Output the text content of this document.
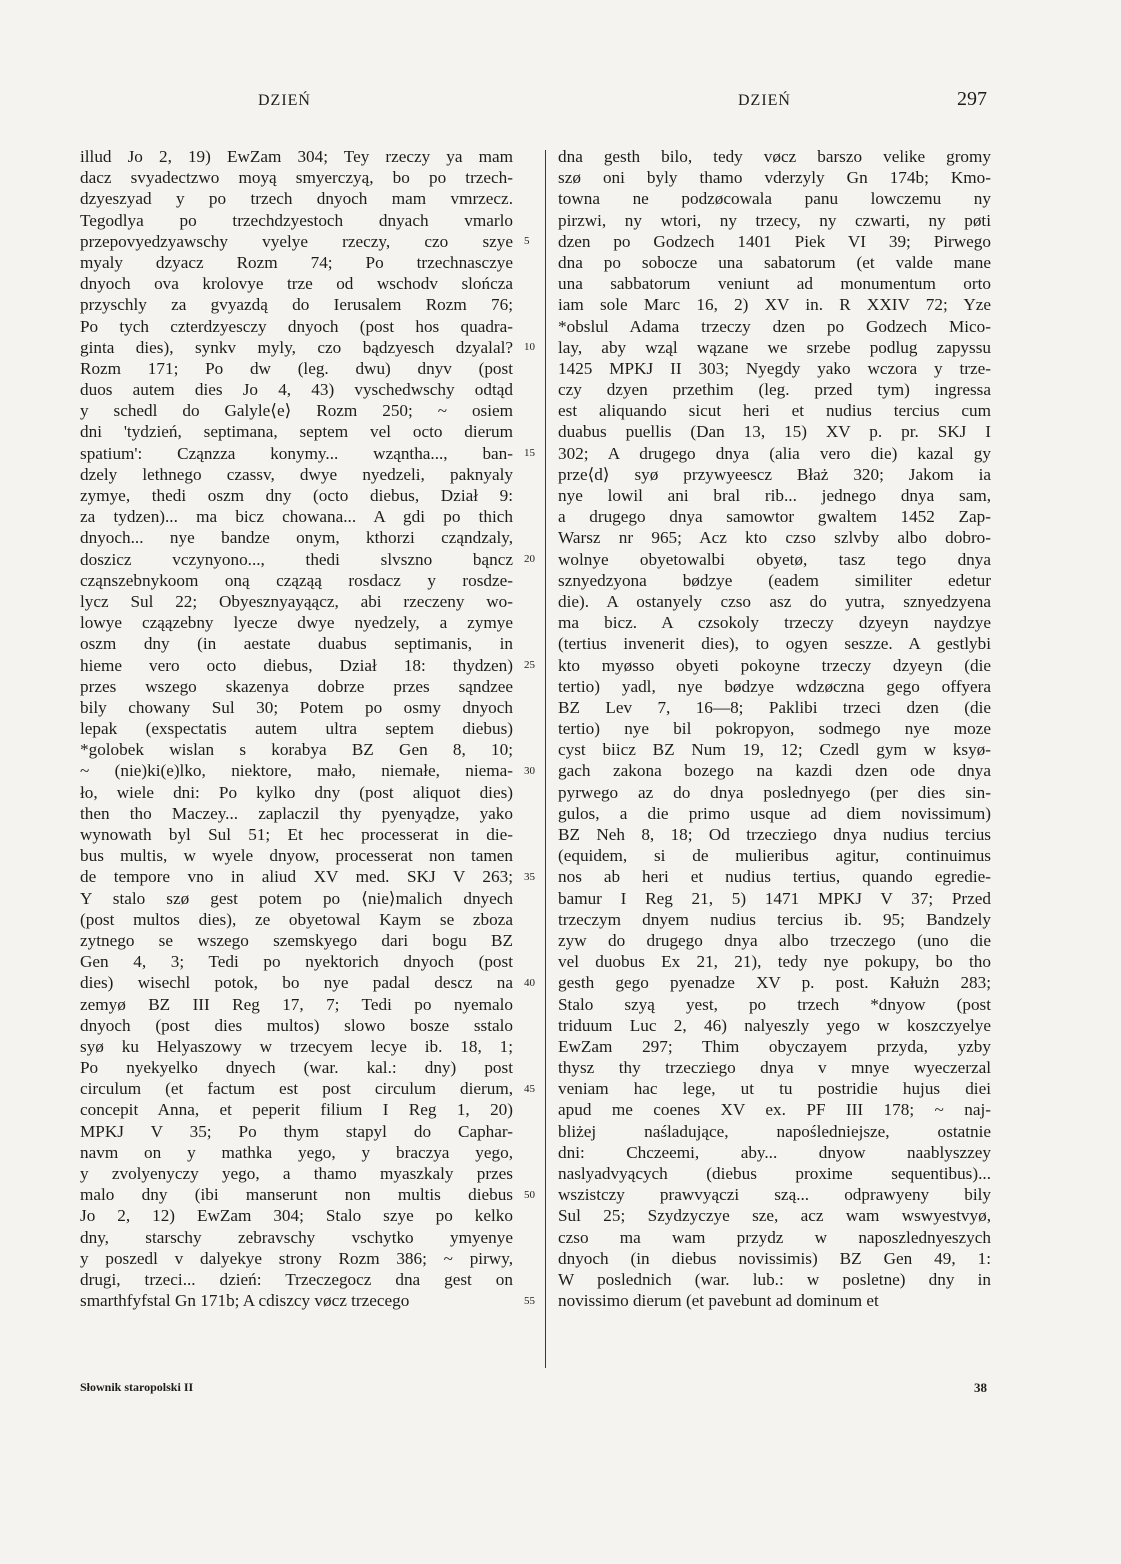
DZIEŃ	DZIEŃ	297
illud Jo 2, 19) EwZam 304; Tey rzeczy ya mam
dacz svyadectzwo moyą smyerczyą, bo po trzech-
dzyeszyad y po trzech dnyoch mam vmrzecz.
Tegodlya po trzechdzyestoch dnyach vmarlo
przepovyedzyawschy vyelye rzeczy, czo szye
myaly dzyacz Rozm 74; Po trzechnasczye
dnyoch ova krolovye trze od wschodv slończa
przyschly za gvyazdą do Ierusalem Rozm 76;
Po tych czterdzyesczy dnyoch (post hos quadra-
ginta dies), synkv myly, czo bądzyesch dzyalal?
Rozm 171; Po dw (leg. dwu) dnyv (post
duos autem dies Jo 4, 43) vyschedwschy odtąd
y schedl do Galyle⟨e⟩ Rozm 250; ~ osiem
dni 'tydzień, septimana, septem vel octo dierum
spatium': Cząnzza konymy... wząntha..., ban-
dzely lethnego czassv, dwye nyedzeli, paknyaly
zymye, thedi oszm dny (octo diebus, Dział 9:
za tydzen)... ma bicz chowana... A gdi po thich
dnyoch... nye bandze onym, kthorzi cząndzaly,
doszicz vczynyono..., thedi slvszno bąncz
cząnszebnykoom oną cząząą rosdacz y rosdze-
lycz Sul 22; Obyesznyayąącz, abi rzeczeny wo-
lowye cząązebny lyecze dwye nyedzely, a zymye
oszm dny (in aestate duabus septimanis, in
hieme vero octo diebus, Dział 18: thydzen)
przes wszego skazenya dobrze przes sąndzee
bily chowany Sul 30; Potem po osmy dnyoch
lepak (exspectatis autem ultra septem diebus)
*golobek wislan s korabya BZ Gen 8, 10;
~ (nie)ki(e)lko, niektore, mało, niemałe, niema-
ło, wiele dni: Po kylko dny (post aliquot dies)
then tho Maczey... zaplaczil thy pyenyądze, yako
wynowath byl Sul 51; Et hec processerat in die-
bus multis, w wyele dnyow, processerat non tamen
de tempore vno in aliud XV med. SKJ V 263;
Y stalo szø gest potem po ⟨nie⟩malich dnyech
(post multos dies), ze obyetowal Kaym se zboza
zytnego se wszego szemskyego dari bogu BZ
Gen 4, 3; Tedi po nyektorich dnyoch (post
dies) wisechl potok, bo nye padal descz na
zemyø BZ III Reg 17, 7; Tedi po nyemalo
dnyoch (post dies multos) slowo bosze sstalo
syø ku Helyaszowy w trzecyem lecye ib. 18, 1;
Po nyekyelko dnyech (war. kal.: dny) post
circulum (et factum est post circulum dierum,
concepit Anna, et peperit filium I Reg 1, 20)
MPKJ V 35; Po thym stapyl do Caphar-
navm on y mathka yego, y braczya yego,
y zvolyenyczy yego, a thamo myaszkaly przes
malo dny (ibi manserunt non multis diebus
Jo 2, 12) EwZam 304; Stalo szye po kelko
dny, starschy zebravschy vschytko ymyenye
y poszedl v dalyekye strony Rozm 386; ~ pirwy,
drugi, trzeci... dzień: Trzeczegocz dna gest on
smarthfyfstal Gn 171b; A cdiszcy vøcz trzecego
5
10
15
20
25
30
35
40
45
50
55
dna gesth bilo, tedy vøcz barszo velike gromy
szø oni byly thamo vderzyly Gn 174b; Kmo-
towna ne podzøcowala panu lowczemu ny
pirzwi, ny wtori, ny trzecy, ny czwarti, ny pøti
dzen po Godzech 1401 Piek VI 39; Pirwego
dna po sobocze una sabatorum (et valde mane
una sabbatorum veniunt ad monumentum orto
iam sole Marc 16, 2) XV in. R XXIV 72; Yze
*obslul Adama trzeczy dzen po Godzech Mico-
lay, aby wząl wązane we srzebe podlug zapyssu
1425 MPKJ II 303; Nyegdy yako wczora y trze-
czy dzyen przethim (leg. przed tym) ingressa
est aliquando sicut heri et nudius tercius cum
duabus puellis (Dan 13, 15) XV p. pr. SKJ I
302; A drugego dnya (alia vero die) kazal gy
prze⟨d⟩ syø przywyeescz Błaż 320; Jakom ia
nye lowil ani bral rib... jednego dnya sam,
a drugego dnya samowtor gwaltem 1452 Zap-
Warsz nr 965; Acz kto czso szlvby albo dobro-
wolnye obyetowalbi obyetø, tasz tego dnya
sznyedzyona bødzye (eadem similiter edetur
die). A ostanyely czso asz do yutra, sznyedzyena
ma bicz. A czsokoly trzeczy dzyeyn naydzye
(tertius invenerit dies), to ogyen seszze. A gestlybi
kto myøsso obyeti pokoyne trzeczy dzyeyn (die
tertio) yadl, nye bødzye wdzøczna gego offyera
BZ Lev 7, 16—8; Paklibi trzeci dzen (die
tertio) nye bil pokropyon, sodmego nye moze
cyst biicz BZ Num 19, 12; Czedl gym w ksyø-
gach zakona bozego na kazdi dzen ode dnya
pyrwego az do dnya poslednyego (per dies sin-
gulos, a die primo usque ad diem novissimum)
BZ Neh 8, 18; Od trzecziego dnya nudius tercius
(equidem, si de mulieribus agitur, continuimus
nos ab heri et nudius tertius, quando egredie-
bamur I Reg 21, 5) 1471 MPKJ V 37; Przed
trzeczym dnyem nudius tercius ib. 95; Bandzely
zyw do drugego dnya albo trzeczego (uno die
vel duobus Ex 21, 21), tedy nye pokupy, bo tho
gesth gego pyenadze XV p. post. Kałużn 283;
Stalo szyą yest, po trzech *dnyow (post
triduum Luc 2, 46) nalyeszly yego w koszczyelye
EwZam 297; Thim obyczayem przyda, yzby
thysz thy trzecziego dnya v mnye wyeczerzal
veniam hac lege, ut tu postridie hujus diei
apud me coenes XV ex. PF III 178; ~ naj-
bliżej naśladujące, napośledniejsze, ostatnie
dni: Chczeemi, aby... dnyow naablyszzey
naslyadvyących (diebus proxime sequentibus)...
wszistczy prawvyączi szą... odprawyeny bily
Sul 25; Szydzyczye sze, acz wam wswyestvyø,
czso ma wam przydz w naposzlednyeszych
dnyoch (in diebus novissimis) BZ Gen 49, 1:
W poslednich (war. lub.: w posletne) dny in
novissimo dierum (et pavebunt ad dominum et
Słownik staropolski II	38
